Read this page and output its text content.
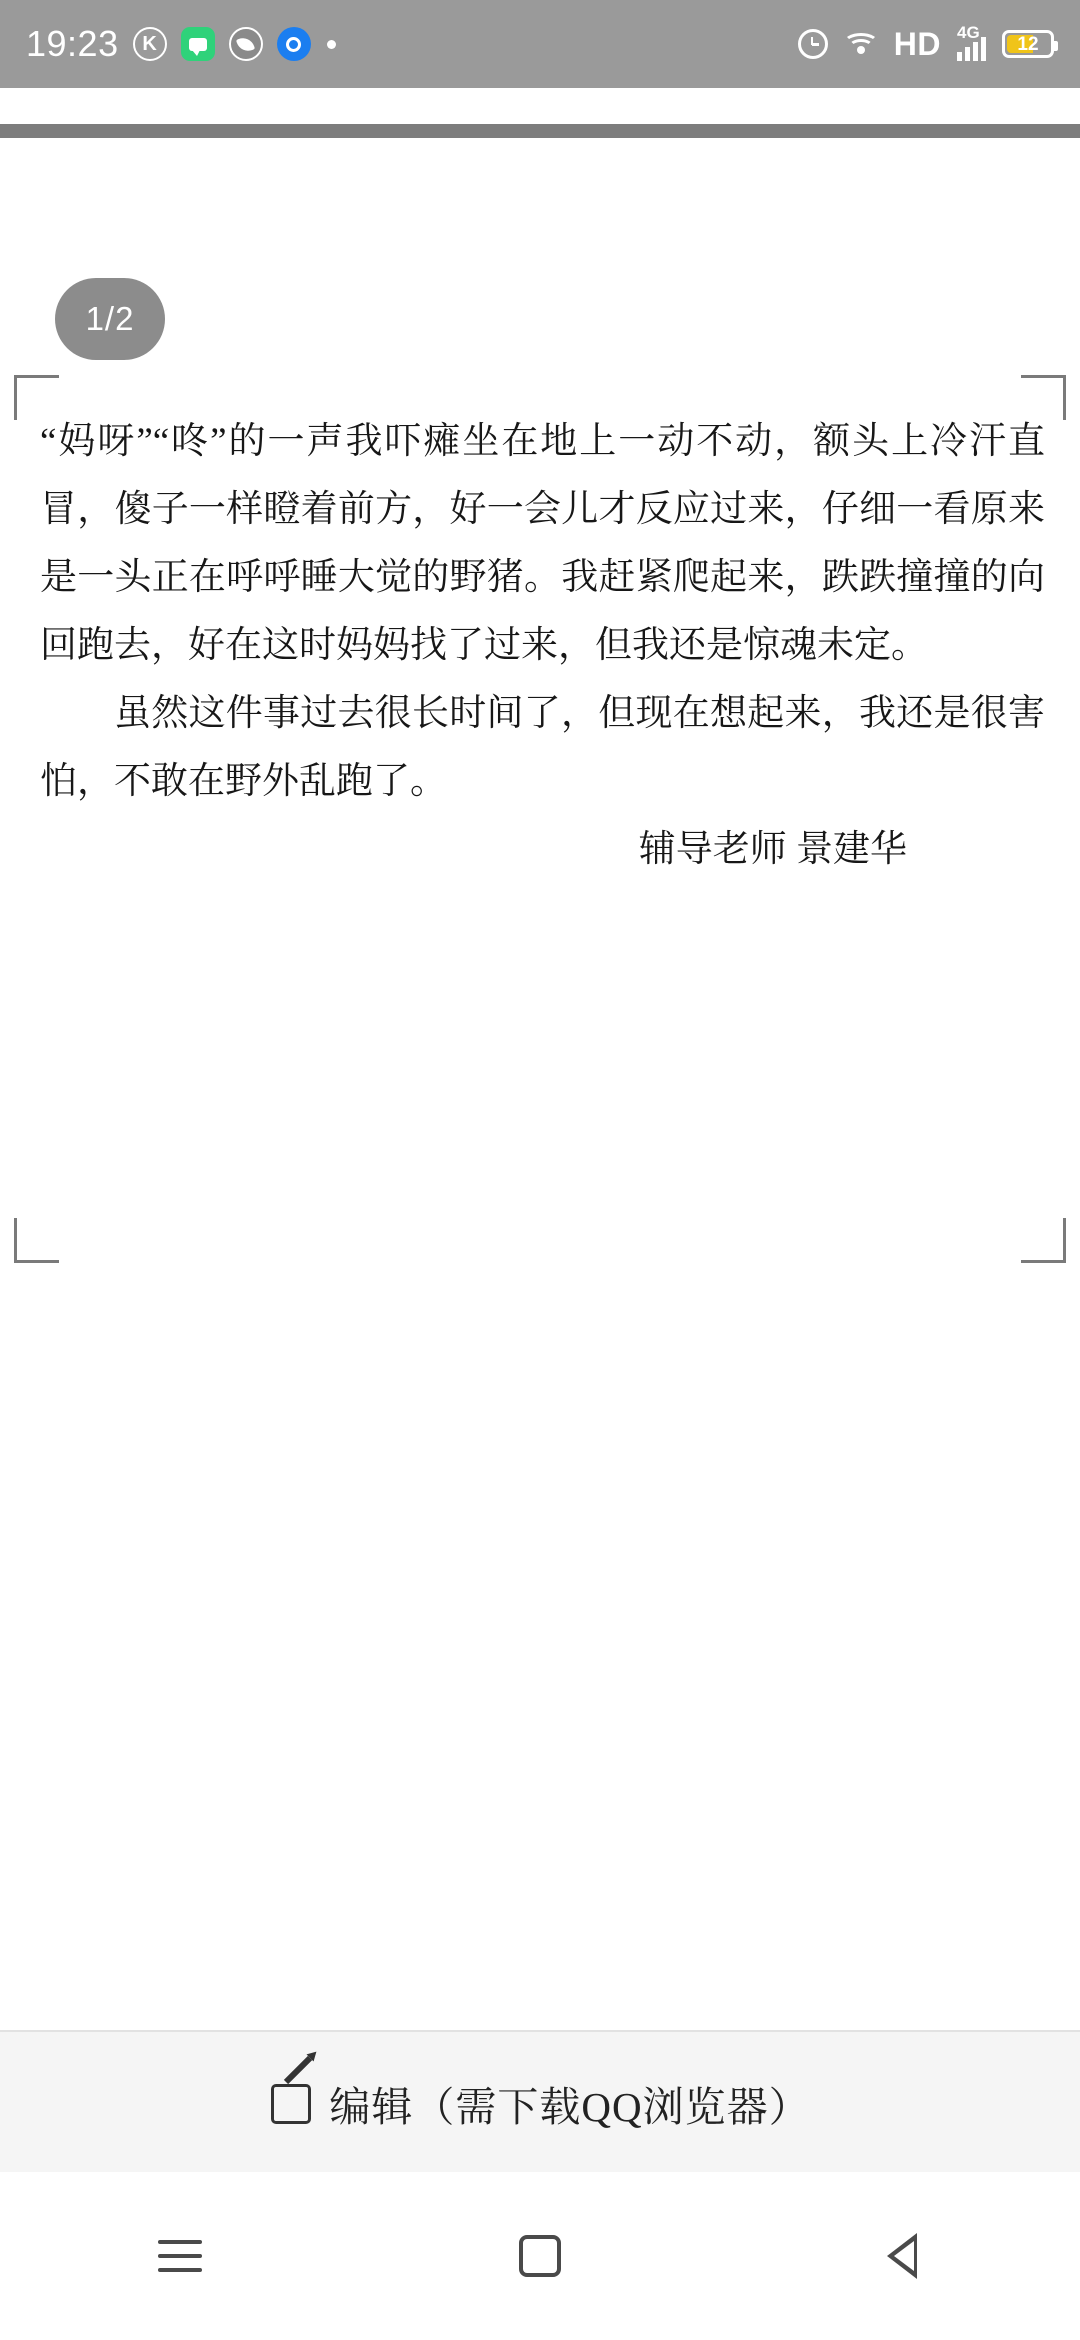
19:23	K	HD 4G
12
1/2

“妈呀”“咚”的一声我吓瘫坐在地上一动不动，额头上冷汗直冒，傻子一样瞪着前方，好一会儿才反应过来，仔细一看原来是一头正在呼呼睡大觉的野猪。我赶紧爬起来，跌跌撞撞的向回跑去，好在这时妈妈找了过来，但我还是惊魂未定。

虽然这件事过去很长时间了，但现在想起来，我还是很害怕，不敢在野外乱跑了。

辅导老师 景建华

编辑（需下载QQ浏览器）
